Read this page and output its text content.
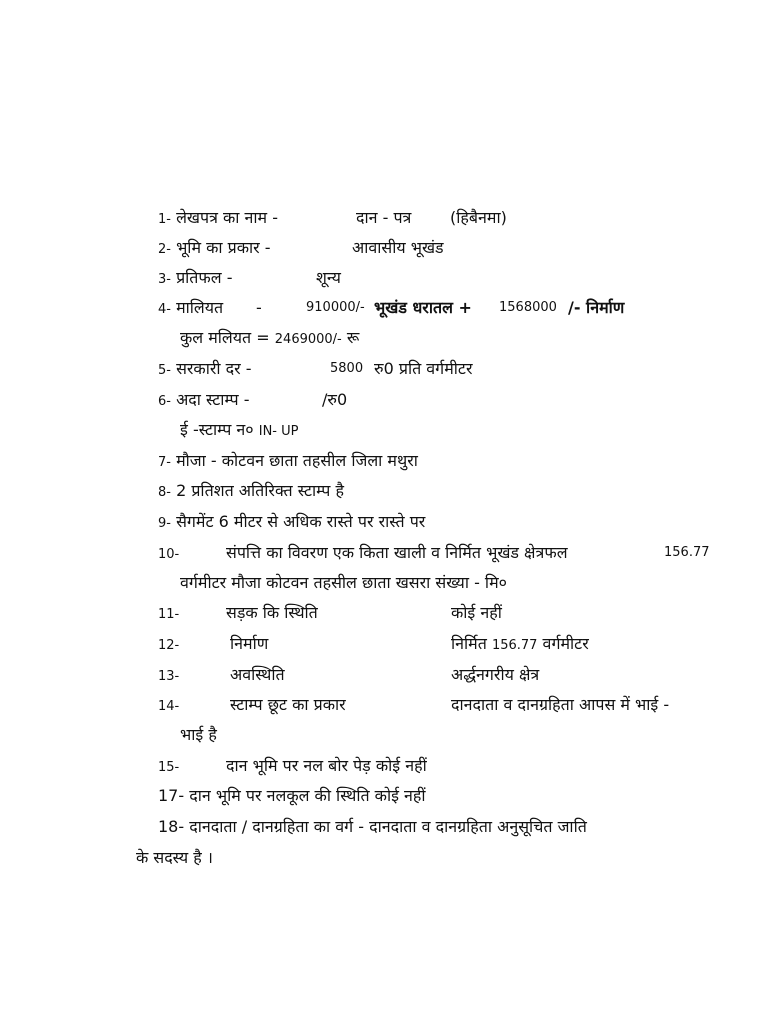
1- लेखपत्र का नाम -	दान - पत्र (हिबैनमा)
2- भूमि का प्रकार -	आवासीय भूखंड
3- प्रतिफल -	शून्य
4- मालियत -	910000/- भूखंड धरातल + 1568000 /- निर्माण
कुल मलियत = 2469000/- रू
5- सरकारी दर -	5800 रु0 प्रति वर्गमीटर
6- अदा स्टाम्प -	/रु0
ई -स्टाम्प न० IN- UP
7- मौजा - कोटवन छाता तहसील जिला मथुरा
8- 2 प्रतिशत अतिरिक्त स्टाम्प है
9- सैगमेंट 6 मीटर से अधिक रास्ते पर रास्ते पर
10-	संपत्ति का विवरण एक किता खाली व निर्मित भूखंड क्षेत्रफल	156.77
वर्गमीटर मौजा कोटवन तहसील छाता खसरा संख्या - मि०
11-	सड़क कि स्थिति	कोई नहीं
12-	निर्माण	निर्मित 156.77 वर्गमीटर
13-	अवस्थिति	अर्द्धनगरीय क्षेत्र
14-	स्टाम्प छूट का प्रकार	दानदाता व दानग्रहिता आपस में भाई -
भाई है
15-	दान भूमि पर नल बोर पेड़ कोई नहीं
17- दान भूमि पर नलकूल की स्थिति कोई नहीं
18- दानदाता / दानग्रहिता का वर्ग - दानदाता व दानग्रहिता अनुसूचित जाति
के सदस्य है ।
